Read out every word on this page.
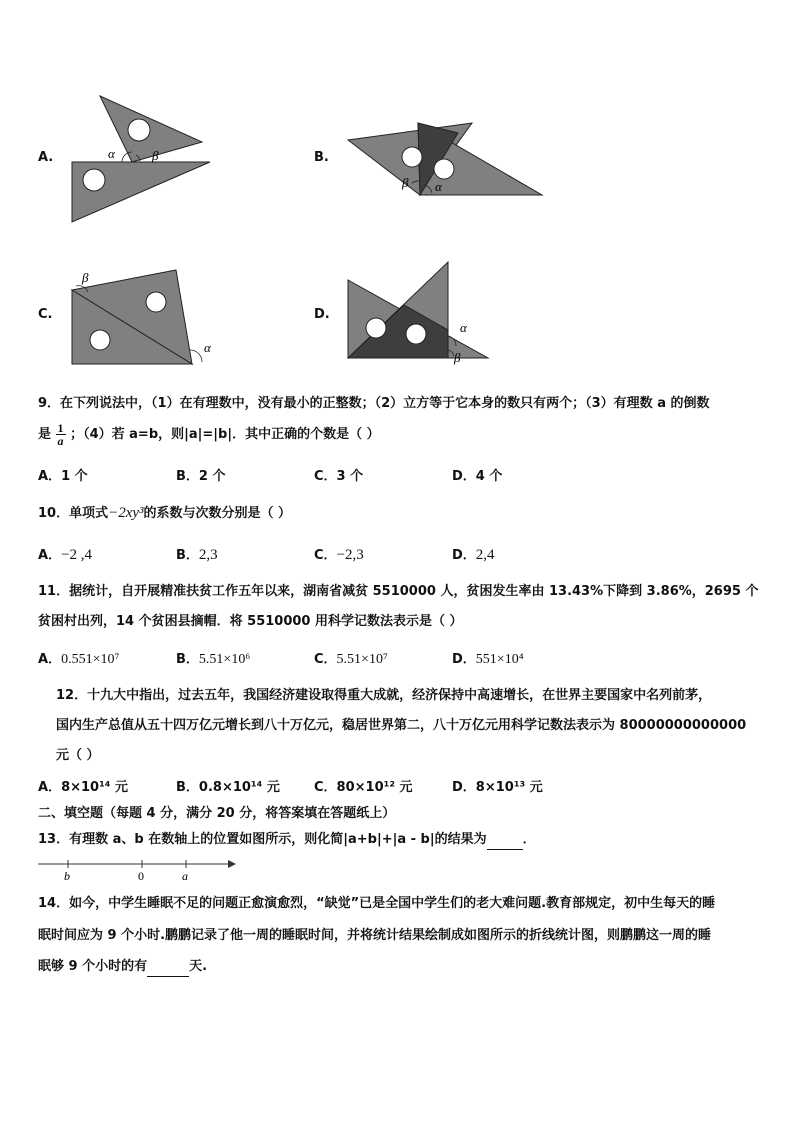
A.	α	β	B.
β α
C.
β
α
D.
α
β
9．在下列说法中，（1）在有理数中，没有最小的正整数；（2）立方等于它本身的数只有两个；（3）有理数 a 的倒数
是 $\frac{1}{a}$ ；（4）若 a=b，则|a|=|b|．其中正确的个数是（ ）
A．1 个	B．2 个	C．3 个	D．4 个
10．单项式−2xy³的系数与次数分别是（ ）
A．−2 ,4	B．2,3	C．−2,3	D．2,4
11．据统计，自开展精准扶贫工作五年以来，湖南省减贫 5510000 人，贫困发生率由 13.43%下降到 3.86%，2695 个
贫困村出列，14 个贫困县摘帽．将 5510000 用科学记数法表示是（ ）
A．0.551×10⁷	B．5.51×10⁶	C．5.51×10⁷	D．551×10⁴
12．十九大中指出，过去五年，我国经济建设取得重大成就，经济保持中高速增长，在世界主要国家中名列前茅，
国内生产总值从五十四万亿元增长到八十万亿元，稳居世界第二，八十万亿元用科学记数法表示为 80000000000000
元（ ）
A．8×10¹⁴ 元	B．0.8×10¹⁴ 元	C．80×10¹² 元	D．8×10¹³ 元
二、填空题（每题 4 分，满分 20 分，将答案填在答题纸上）
13．有理数 a、b 在数轴上的位置如图所示，则化简|a+b|+|a - b|的结果为	．
b	0	a
14．如今，中学生睡眠不足的问题正愈演愈烈，“缺觉”已是全国中学生们的老大难问题.教育部规定，初中生每天的睡
眠时间应为 9 个小时.鹏鹏记录了他一周的睡眠时间，并将统计结果绘制成如图所示的折线统计图，则鹏鹏这一周的睡
眠够 9 个小时的有	天.
